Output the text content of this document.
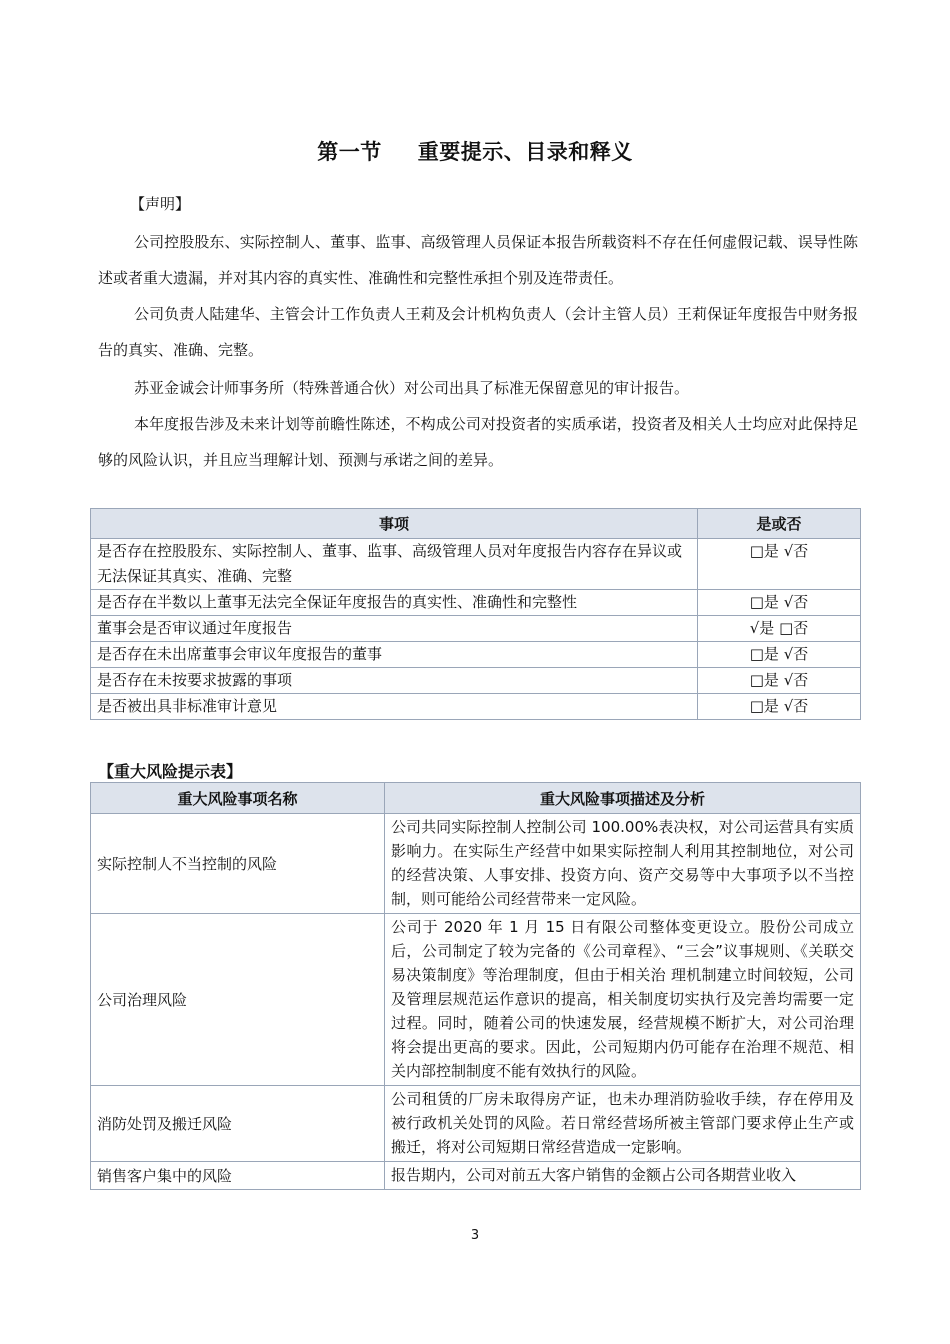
第一节 重要提示、目录和释义
【声明】

公司控股股东、实际控制人、董事、监事、高级管理人员保证本报告所载资料不存在任何虚假记载、误导性陈述或者重大遗漏，并对其内容的真实性、准确性和完整性承担个别及连带责任。

公司负责人陆建华、主管会计工作负责人王莉及会计机构负责人（会计主管人员）王莉保证年度报告中财务报告的真实、准确、完整。

苏亚金诚会计师事务所（特殊普通合伙）对公司出具了标准无保留意见的审计报告。

本年度报告涉及未来计划等前瞻性陈述，不构成公司对投资者的实质承诺，投资者及相关人士均应对此保持足够的风险认识，并且应当理解计划、预测与承诺之间的差异。

事项	是或否
是否存在控股股东、实际控制人、董事、监事、高级管理人员对年度报告内容存在异议或无法保证其真实、准确、完整	□是 √否
是否存在半数以上董事无法完全保证年度报告的真实性、准确性和完整性	□是 √否
董事会是否审议通过年度报告	√是 □否
是否存在未出席董事会审议年度报告的董事	□是 √否
是否存在未按要求披露的事项	□是 √否
是否被出具非标准审计意见	□是 √否
【重大风险提示表】
重大风险事项名称	重大风险事项描述及分析
实际控制人不当控制的风险	公司共同实际控制人控制公司 100.00%表决权，对公司运营具有实质影响力。在实际生产经营中如果实际控制人利用其控制地位，对公司的经营决策、人事安排、投资方向、资产交易等中大事项予以不当控制，则可能给公司经营带来一定风险。
公司治理风险	公司于 2020 年 1 月 15 日有限公司整体变更设立。股份公司成立后，公司制定了较为完备的《公司章程》、“三会”议事规则、《关联交易决策制度》等治理制度，但由于相关治 理机制建立时间较短，公司及管理层规范运作意识的提高，相关制度切实执行及完善均需要一定过程。同时，随着公司的快速发展，经营规模不断扩大，对公司治理将会提出更高的要求。因此，公司短期内仍可能存在治理不规范、相关内部控制制度不能有效执行的风险。
消防处罚及搬迁风险	公司租赁的厂房未取得房产证，也未办理消防验收手续，存在停用及被行政机关处罚的风险。若日常经营场所被主管部门要求停止生产或搬迁，将对公司短期日常经营造成一定影响。
销售客户集中的风险	报告期内，公司对前五大客户销售的金额占公司各期营业收入
3
